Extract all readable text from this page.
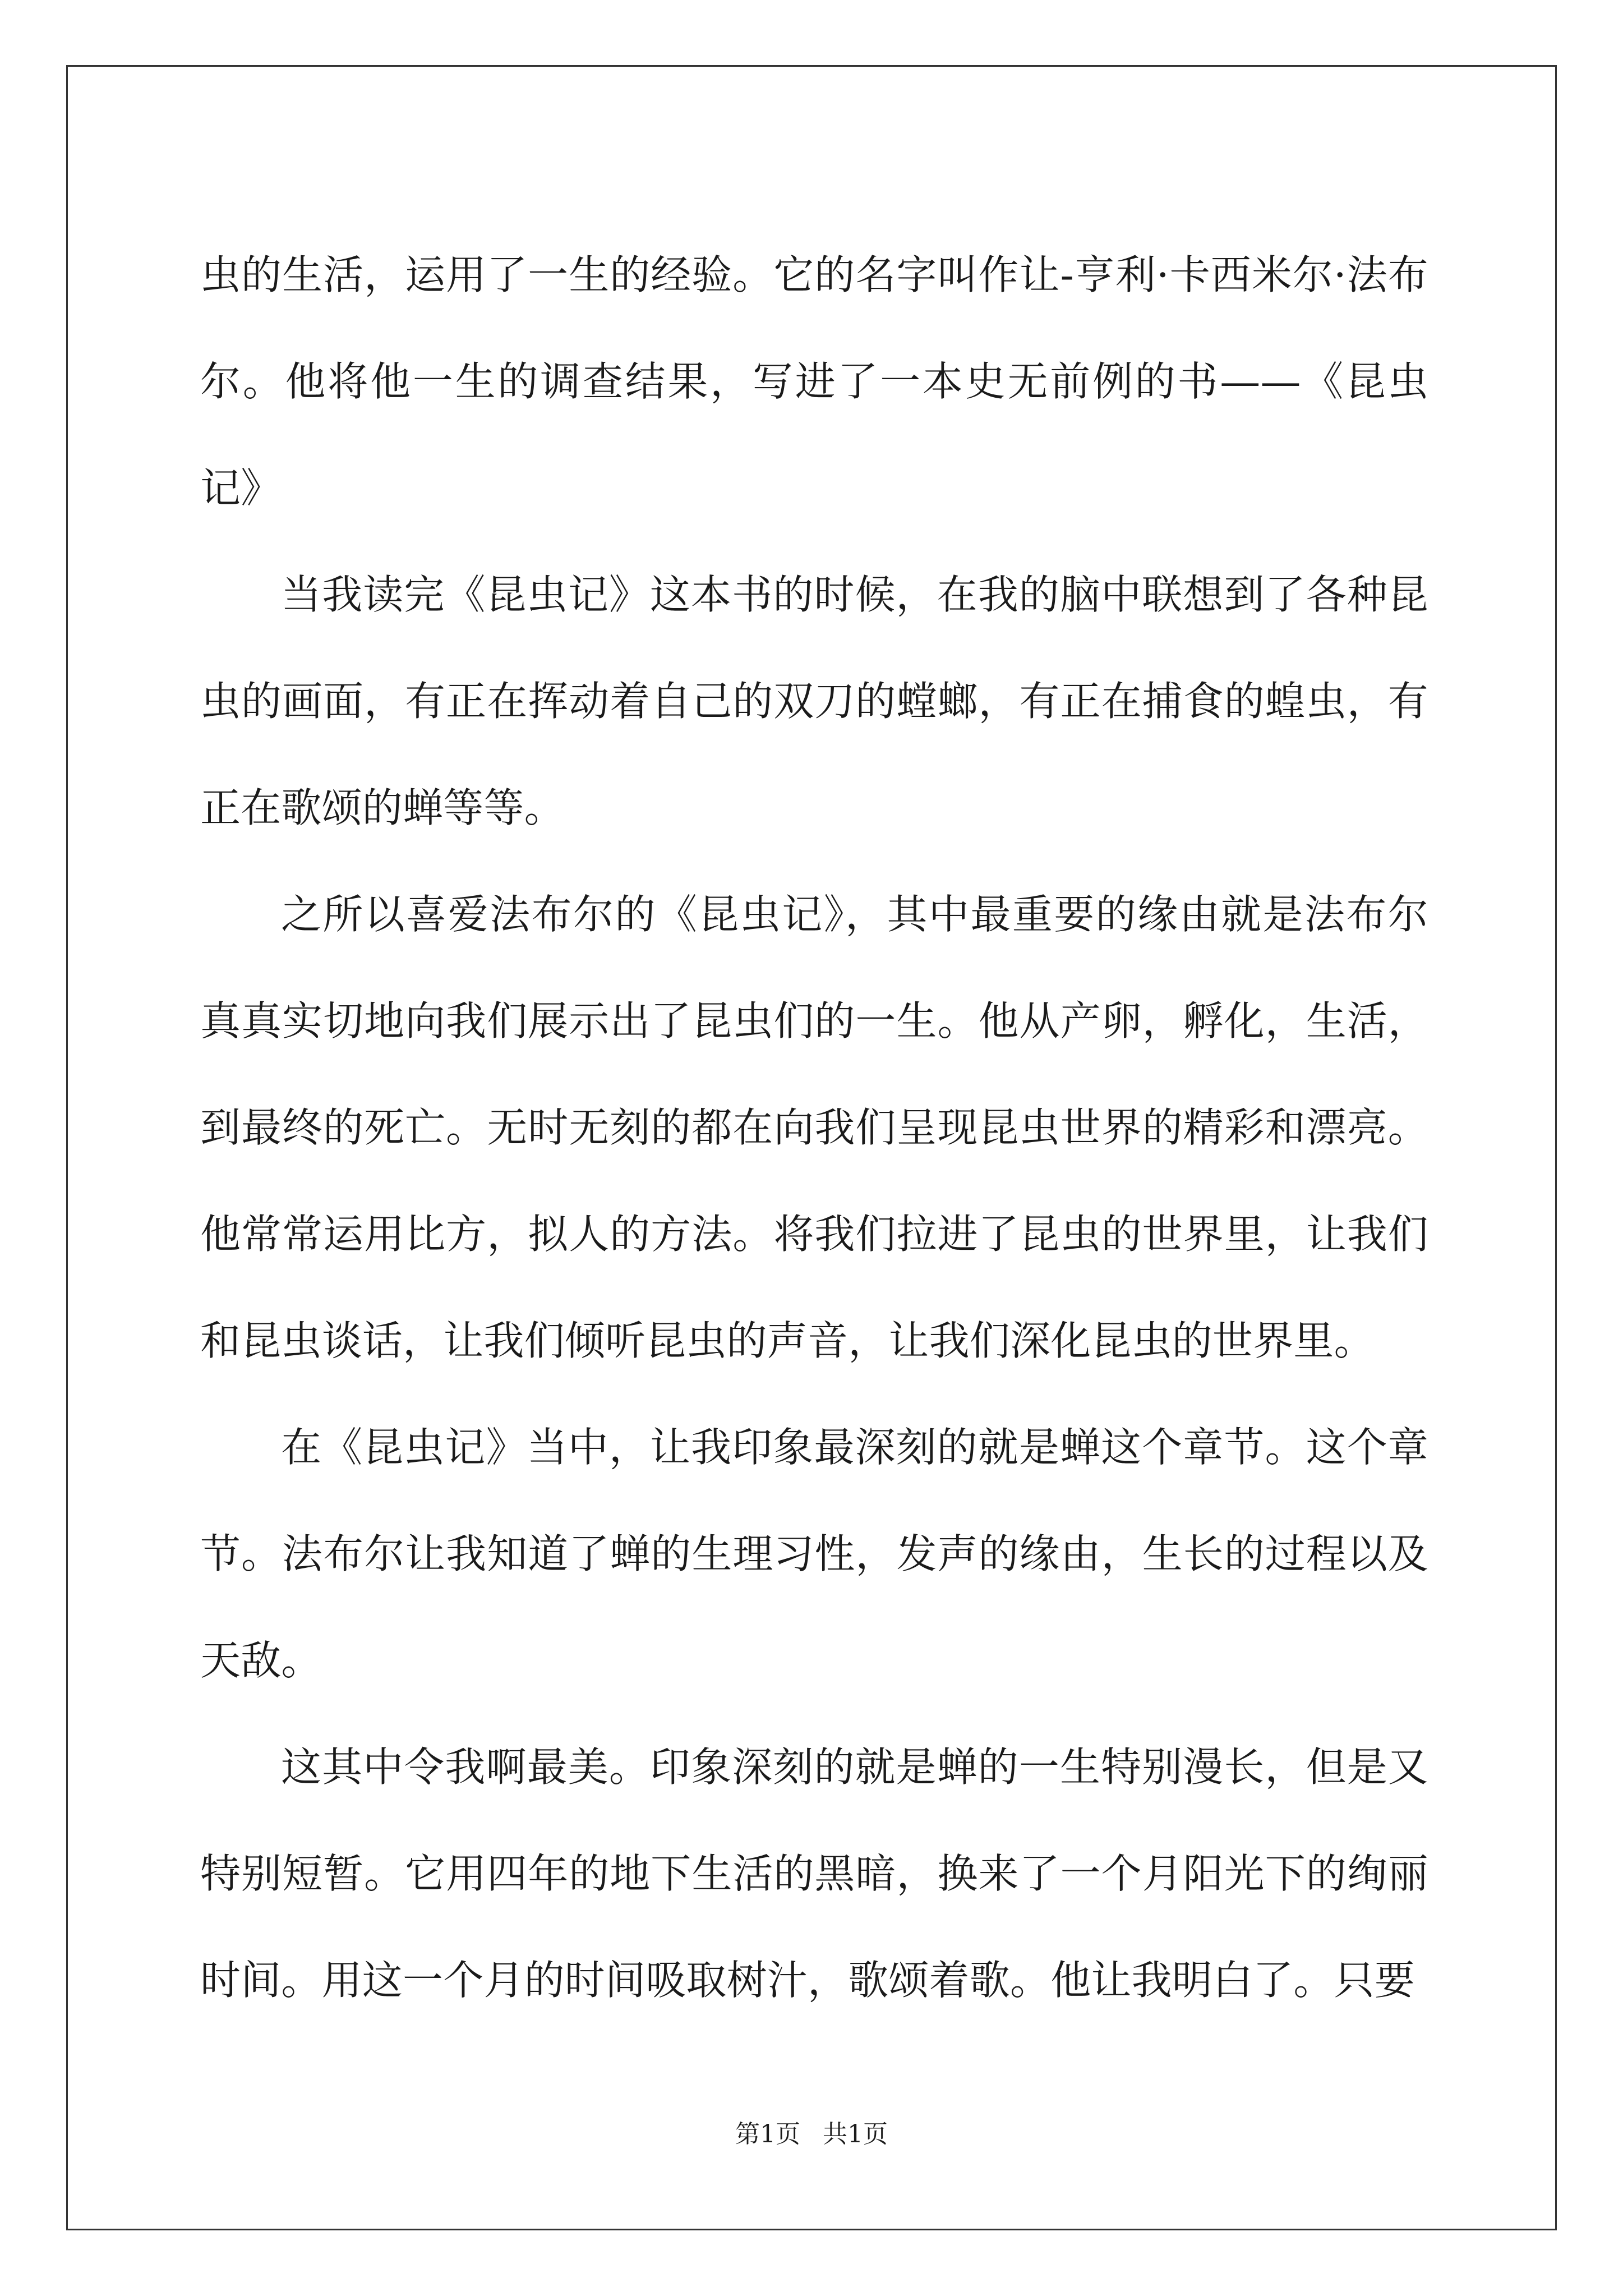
虫的生活，运用了一生的经验。它的名字叫作让-亨利·卡西米尔·法布尔。他将他一生的调查结果，写进了一本史无前例的书——《昆虫记》

当我读完《昆虫记》这本书的时候，在我的脑中联想到了各种昆虫的画面，有正在挥动着自己的双刀的螳螂，有正在捕食的蝗虫，有正在歌颂的蝉等等。

之所以喜爱法布尔的《昆虫记》，其中最重要的缘由就是法布尔真真实切地向我们展示出了昆虫们的一生。他从产卵，孵化，生活，到最终的死亡。无时无刻的都在向我们呈现昆虫世界的精彩和漂亮。他常常运用比方，拟人的方法。将我们拉进了昆虫的世界里，让我们和昆虫谈话，让我们倾听昆虫的声音，让我们深化昆虫的世界里。

在《昆虫记》当中，让我印象最深刻的就是蝉这个章节。这个章节。法布尔让我知道了蝉的生理习性，发声的缘由，生长的过程以及天敌。

这其中令我啊最美。印象深刻的就是蝉的一生特别漫长，但是又特别短暂。它用四年的地下生活的黑暗，换来了一个月阳光下的绚丽时间。用这一个月的时间吸取树汁，歌颂着歌。他让我明白了。只要

第1页 共1页
